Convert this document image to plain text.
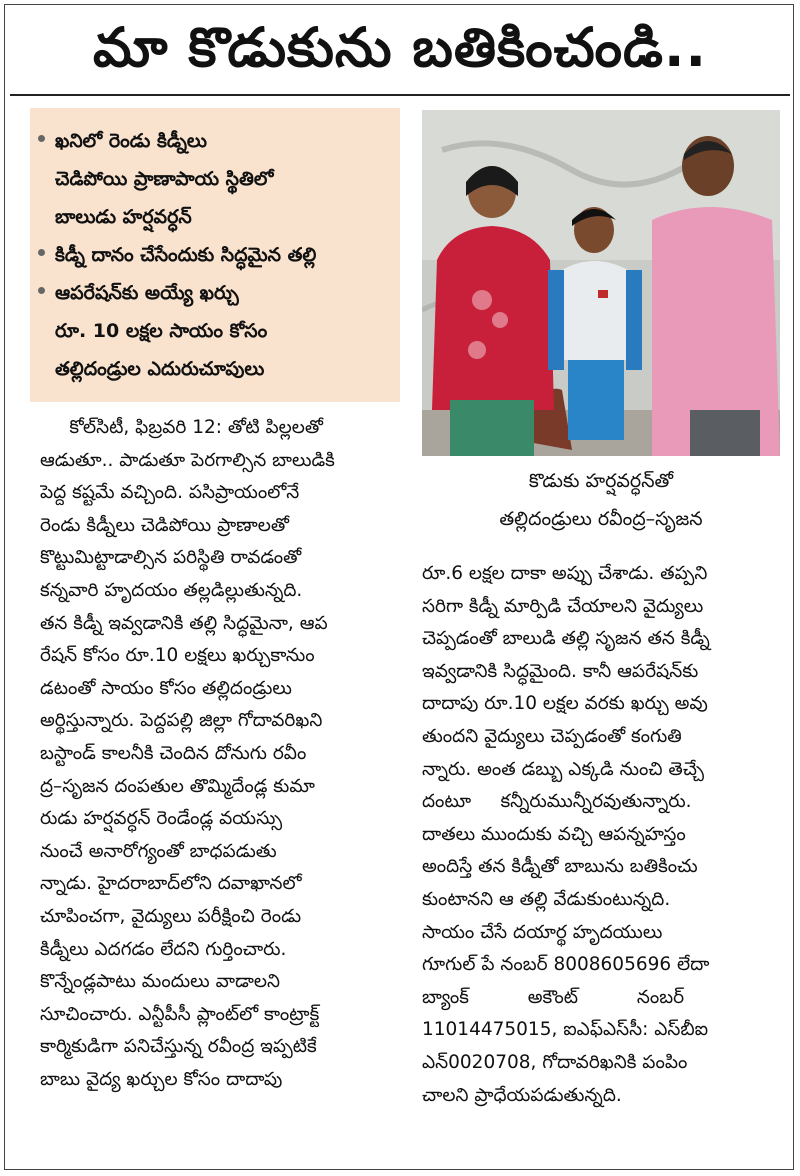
మా కొడుకును బతికించండి..
ఖనిలో రెండు కిడ్నీలు
చెడిపోయి ప్రాణాపాయ స్థితిలో
బాలుడు హర్షవర్ధన్
కిడ్నీ దానం చేసేందుకు సిద్ధమైన తల్లి
ఆపరేషన్‌కు అయ్యే ఖర్చు
రూ. 10 లక్షల సాయం కోసం
తల్లిదండ్రుల ఎదురుచూపులు
కొడుకు హర్షవర్ధన్‌తో
తల్లిదండ్రులు రవీంద్ర–సృజన
కోల్‌సిటీ, ఫిబ్రవరి 12: తోటి పిల్లలతో
ఆడుతూ.. పాడుతూ పెరగాల్సిన బాలుడికి
పెద్ద కష్టమే వచ్చింది. పసిప్రాయంలోనే
రెండు కిడ్నీలు చెడిపోయి ప్రాణాలతో
కొట్టుమిట్టాడాల్సిన పరిస్థితి రావడంతో
కన్నవారి హృదయం తల్లడిల్లుతున్నది.
తన కిడ్నీ ఇవ్వడానికి తల్లి సిద్ధమైనా, ఆప
రేషన్ కోసం రూ.10 లక్షలు ఖర్చుకానుం
డటంతో సాయం కోసం తల్లిదండ్రులు
అర్థిస్తున్నారు. పెద్దపల్లి జిల్లా గోదావరిఖని
బస్టాండ్ కాలనీకి చెందిన దోనుగు రవీం
ద్ర–సృజన దంపతుల తొమ్మిదేండ్ల కుమా
రుడు హర్షవర్ధన్ రెండేండ్ల వయస్సు
నుంచే అనారోగ్యంతో బాధపడుతు
న్నాడు. హైదరాబాద్‌లోని దవాఖానలో
చూపించగా, వైద్యులు పరీక్షించి రెండు
కిడ్నీలు ఎదగడం లేదని గుర్తించారు.
కొన్నేండ్లపాటు మందులు వాడాలని
సూచించారు. ఎన్టీపీసీ ప్లాంట్‌లో కాంట్రాక్ట్
కార్మికుడిగా పనిచేస్తున్న రవీంద్ర ఇప్పటికే
బాబు వైద్య ఖర్చుల కోసం దాదాపు
రూ.6 లక్షల దాకా అప్పు చేశాడు. తప్పని
సరిగా కిడ్నీ మార్పిడి చేయాలని వైద్యులు
చెప్పడంతో బాలుడి తల్లి సృజన తన కిడ్నీ
ఇవ్వడానికి సిద్ధమైంది. కానీ ఆపరేషన్‌కు
దాదాపు రూ.10 లక్షల వరకు ఖర్చు అవు
తుందని వైద్యులు చెప్పడంతో కంగుతి
న్నారు. అంత డబ్బు ఎక్కడి నుంచి తెచ్చే
దంటూ     కన్నీరుమున్నీరవుతున్నారు.
దాతలు ముందుకు వచ్చి ఆపన్నహస్తం
అందిస్తే తన కిడ్నీతో బాబును బతికించు
కుంటానని ఆ తల్లి వేడుకుంటున్నది.
సాయం చేసే దయార్థ హృదయులు
గూగుల్ పే నంబర్ 8008605696 లేదా
బ్యాంక్          అకౌంట్          నంబర్
11014475015, ఐఎఫ్‌ఎస్‌సీ: ఎస్‌బీఐ
ఎన్0020708, గోదావరిఖనికి పంపిం
చాలని ప్రాధేయపడుతున్నది.
